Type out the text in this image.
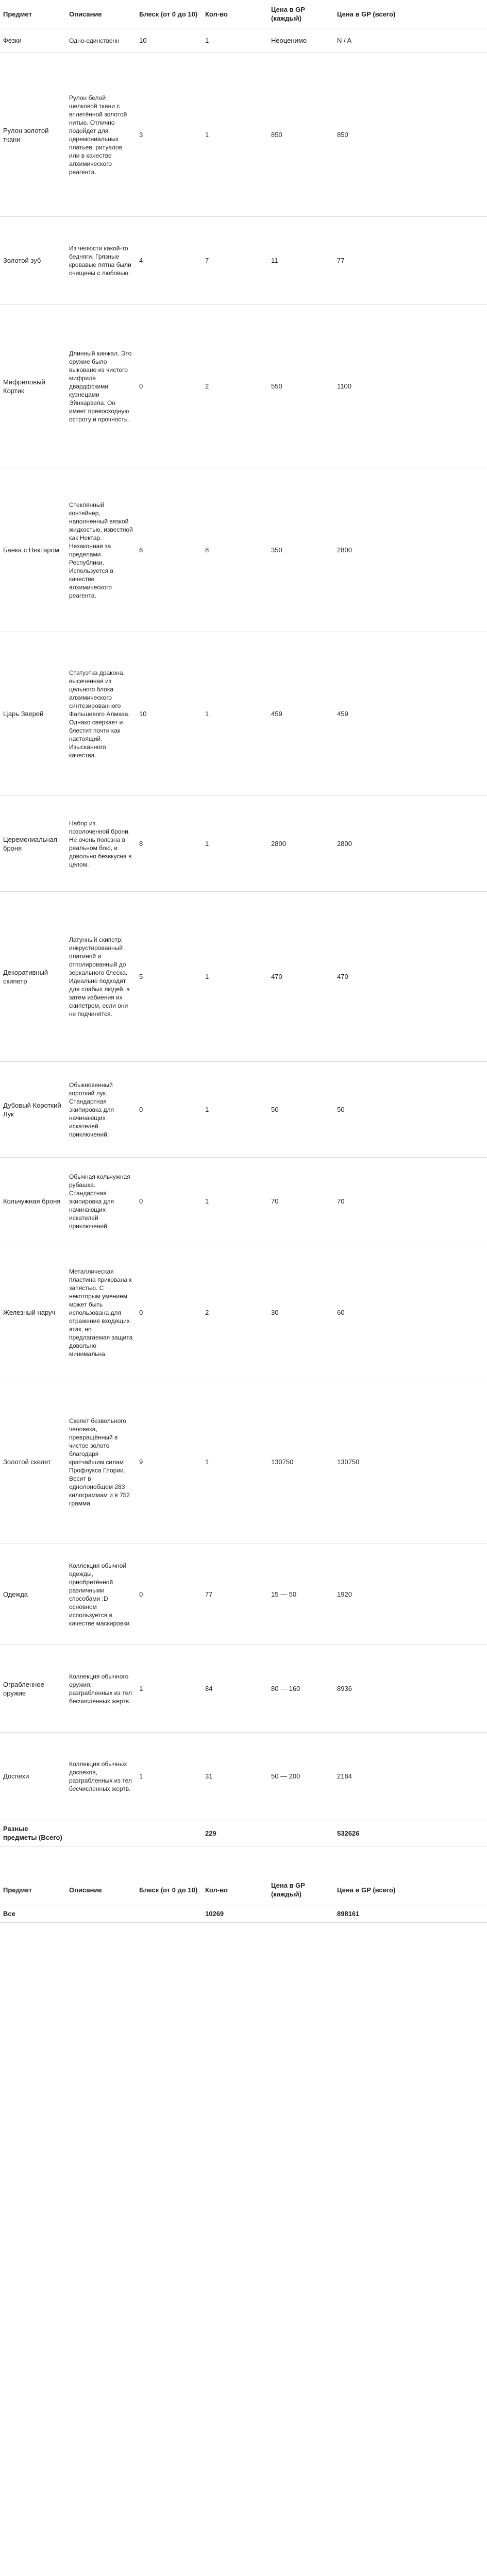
Предмет	Описание	Блеск (от 0 до 10)	Кол-во	Цена в GP (каждый)	Цена в GP (всего)
Фезки	Одно-единственн	10	1	Неоценимо	N / A
Рулон золотой ткани	Рулон белой шелковой ткани с вплетённой золотой нитью. Отлично подойдёт для церемониальных платьев, ритуалов или в качестве алхимического реагента.	3	1	850	850
Золотой зуб	Из челюсти какой-то бедняги. Грязные кровавые пятна были очищены с любовью.	4	7	11	77
Мифриловый Кортик	Длинный кинжал. Это оружие было выковано из чистого мифрила двардфскими кузнецами Эйнхарвела. Он имеет превосходную остроту и прочность.	0	2	550	1100
Банка с Нектаром	Стеклянный контейнер, наполненный вязкой жидкостью, известной как Нектар. Незаконная за пределами Республики. Используется в качестве алхимического реагента.	6	8	350	2800
Царь Зверей	Статуэтка дракона, высеченная из цельного блока алхимического синтезированного Фальшивого Алмаза. Однако сверкает и блестит почти как настоящий. Изысканного качества.	10	1	459	459
Церемониальная броня	Набор из позолоченной брони. Не очень полезна в реальном бою, и довольно безвкусна в целом.	8	1	2800	2800
Декоративный скипетр	Латунный скипетр, инкрустированный платиной и отполированный до зеркального блеска. Идеально подходит для слабых людей, а затем избиения их скипетром, если они не подчинятся.	5	1	470	470
Дубовый Короткий Лук	Обыкновенный короткий лук. Стандартная экипировка для начинающих искателей приключений.	0	1	50	50
Кольчужная броня	Обычная кольчужная рубашка. Стандартная экипировка для начинающих искателей приключений.	0	1	70	70
Железный наруч	Металлическая пластина прикована к запястью. С некоторым умением может быть использована для отражения входящих атак, но предлагаемая защита довольно минимальна.	0	2	30	60
Золотой скелет	Скелет безвольного человека, превращённый в чистое золото благодаря кратчайшим силам Профлукса Глории. Весит в однолонобщем 283 килограммам и в 752 грамма.	9	1	130750	130750
Одежда	Коллекция обычной одежды, приобретённой различными способами :D основном используется в качестве маскировки.	0	77	15 — 50	1920
Ограбленное оружие	Коллекция обычного оружия, разграбленных из тел бесчисленных жертв.	1	84	80 — 160	8936
Доспехи	Коллекция обычных доспехов, разграбленных из тел бесчисленных жертв.	1	31	50 — 200	2184
Разные предметы (Всего)			229		532626
Предмет	Описание	Блеск (от 0 до 10)	Кол-во	Цена в GP (каждый)	Цена в GP (всего)
Все			10269		898161
